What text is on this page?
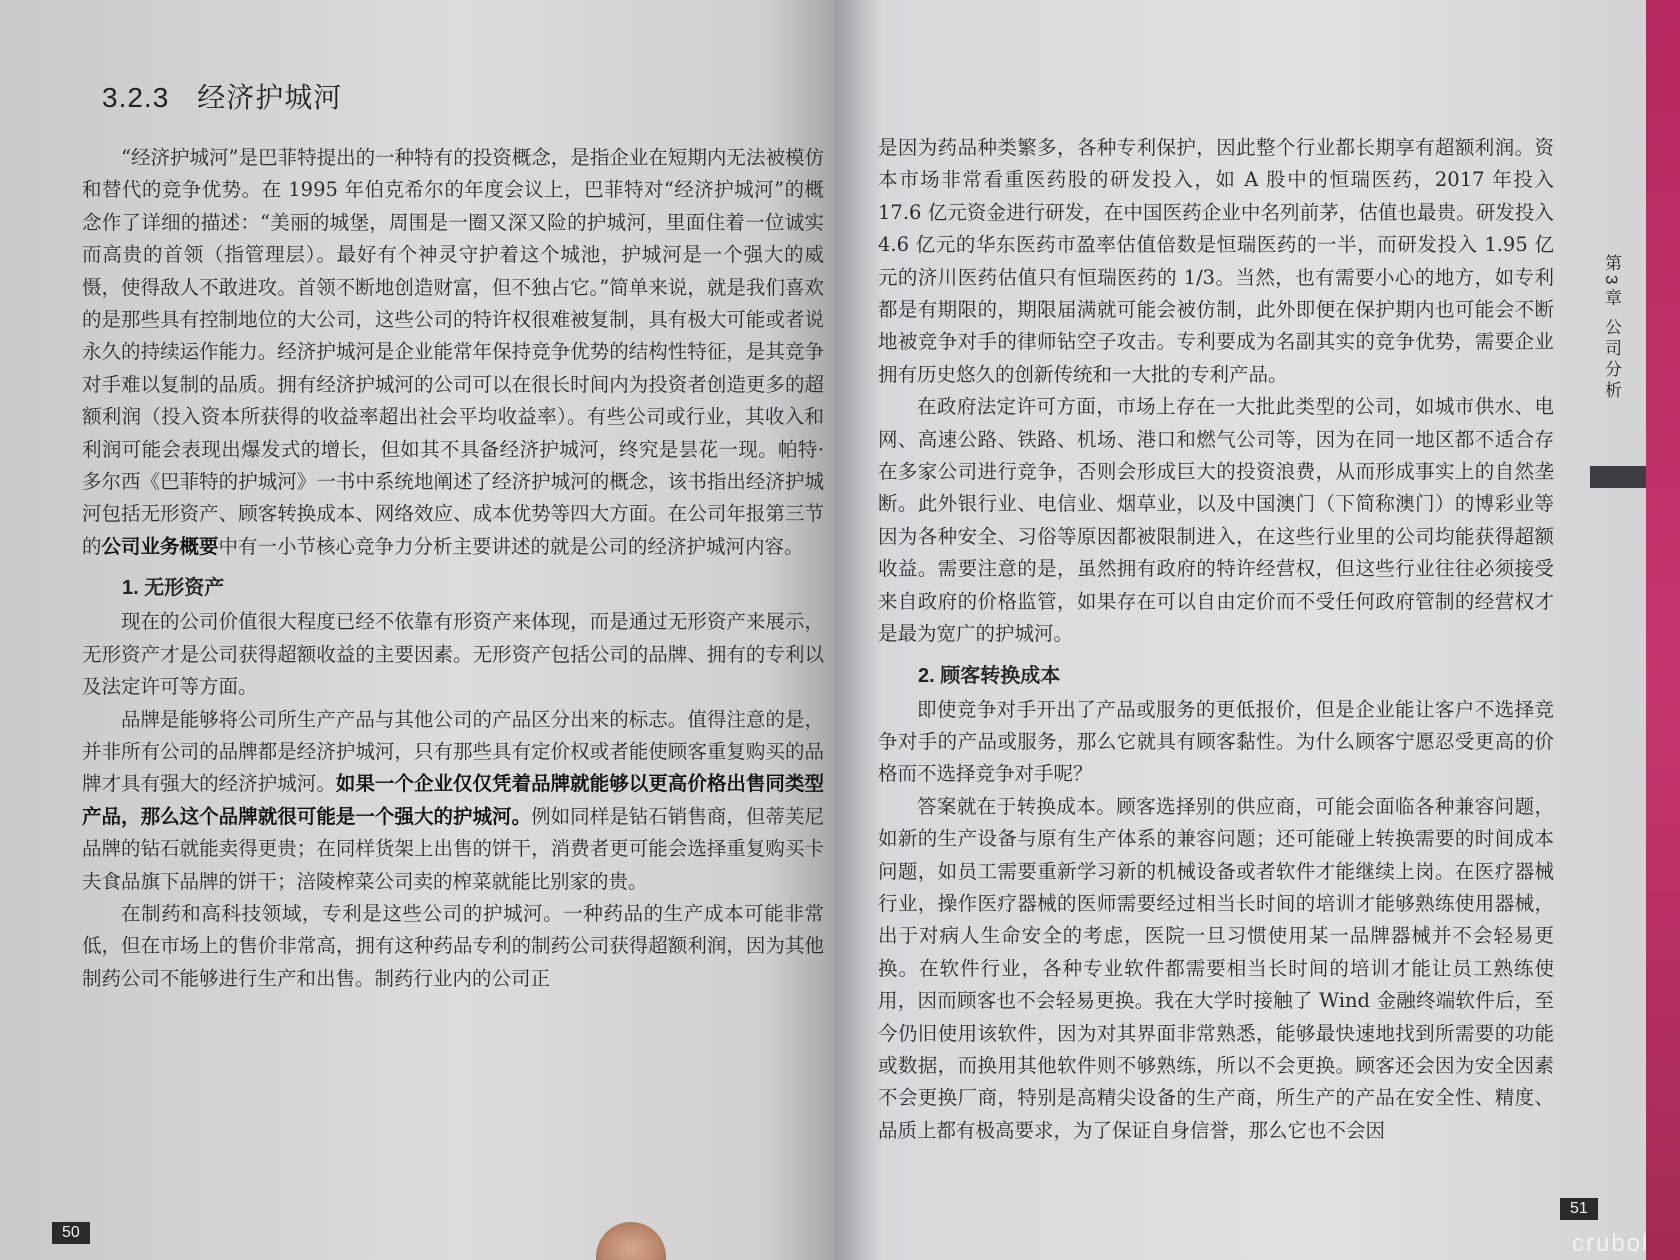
3.2.3 经济护城河

“经济护城河”是巴菲特提出的一种特有的投资概念，是指企业在短期内无法被模仿和替代的竞争优势。在 1995 年伯克希尔的年度会议上，巴菲特对“经济护城河”的概念作了详细的描述：“美丽的城堡，周围是一圈又深又险的护城河，里面住着一位诚实而高贵的首领（指管理层）。最好有个神灵守护着这个城池，护城河是一个强大的威慑，使得敌人不敢进攻。首领不断地创造财富，但不独占它。”简单来说，就是我们喜欢的是那些具有控制地位的大公司，这些公司的特许权很难被复制，具有极大可能或者说永久的持续运作能力。经济护城河是企业能常年保持竞争优势的结构性特征，是其竞争对手难以复制的品质。拥有经济护城河的公司可以在很长时间内为投资者创造更多的超额利润（投入资本所获得的收益率超出社会平均收益率）。有些公司或行业，其收入和利润可能会表现出爆发式的增长，但如其不具备经济护城河，终究是昙花一现。帕特·多尔西《巴菲特的护城河》一书中系统地阐述了经济护城河的概念，该书指出经济护城河包括无形资产、顾客转换成本、网络效应、成本优势等四大方面。在公司年报第三节的公司业务概要中有一小节核心竞争力分析主要讲述的就是公司的经济护城河内容。

1. 无形资产

现在的公司价值很大程度已经不依靠有形资产来体现，而是通过无形资产来展示，无形资产才是公司获得超额收益的主要因素。无形资产包括公司的品牌、拥有的专利以及法定许可等方面。

品牌是能够将公司所生产产品与其他公司的产品区分出来的标志。值得注意的是，并非所有公司的品牌都是经济护城河，只有那些具有定价权或者能使顾客重复购买的品牌才具有强大的经济护城河。如果一个企业仅仅凭着品牌就能够以更高价格出售同类型产品，那么这个品牌就很可能是一个强大的护城河。例如同样是钻石销售商，但蒂芙尼品牌的钻石就能卖得更贵；在同样货架上出售的饼干，消费者更可能会选择重复购买卡夫食品旗下品牌的饼干；涪陵榨菜公司卖的榨菜就能比别家的贵。

在制药和高科技领域，专利是这些公司的护城河。一种药品的生产成本可能非常低，但在市场上的售价非常高，拥有这种药品专利的制药公司获得超额利润，因为其他制药公司不能够进行生产和出售。制药行业内的公司正

是因为药品种类繁多，各种专利保护，因此整个行业都长期享有超额利润。资本市场非常看重医药股的研发投入，如 A 股中的恒瑞医药，2017 年投入 17.6 亿元资金进行研发，在中国医药企业中名列前茅，估值也最贵。研发投入 4.6 亿元的华东医药市盈率估值倍数是恒瑞医药的一半，而研发投入 1.95 亿元的济川医药估值只有恒瑞医药的 1/3。当然，也有需要小心的地方，如专利都是有期限的，期限届满就可能会被仿制，此外即便在保护期内也可能会不断地被竞争对手的律师钻空子攻击。专利要成为名副其实的竞争优势，需要企业拥有历史悠久的创新传统和一大批的专利产品。

在政府法定许可方面，市场上存在一大批此类型的公司，如城市供水、电网、高速公路、铁路、机场、港口和燃气公司等，因为在同一地区都不适合存在多家公司进行竞争，否则会形成巨大的投资浪费，从而形成事实上的自然垄断。此外银行业、电信业、烟草业，以及中国澳门（下简称澳门）的博彩业等因为各种安全、习俗等原因都被限制进入，在这些行业里的公司均能获得超额收益。需要注意的是，虽然拥有政府的特许经营权，但这些行业往往必须接受来自政府的价格监管，如果存在可以自由定价而不受任何政府管制的经营权才是最为宽广的护城河。

2. 顾客转换成本

即使竞争对手开出了产品或服务的更低报价，但是企业能让客户不选择竞争对手的产品或服务，那么它就具有顾客黏性。为什么顾客宁愿忍受更高的价格而不选择竞争对手呢？

答案就在于转换成本。顾客选择别的供应商，可能会面临各种兼容问题，如新的生产设备与原有生产体系的兼容问题；还可能碰上转换需要的时间成本问题，如员工需要重新学习新的机械设备或者软件才能继续上岗。在医疗器械行业，操作医疗器械的医师需要经过相当长时间的培训才能够熟练使用器械，出于对病人生命安全的考虑，医院一旦习惯使用某一品牌器械并不会轻易更换。在软件行业，各种专业软件都需要相当长时间的培训才能让员工熟练使用，因而顾客也不会轻易更换。我在大学时接触了 Wind 金融终端软件后，至今仍旧使用该软件，因为对其界面非常熟悉，能够最快速地找到所需要的功能或数据，而换用其他软件则不够熟练，所以不会更换。顾客还会因为安全因素不会更换厂商，特别是高精尖设备的生产商，所生产的产品在安全性、精度、品质上都有极高要求，为了保证自身信誉，那么它也不会因

第3章 公司分析
50
51
crubol
